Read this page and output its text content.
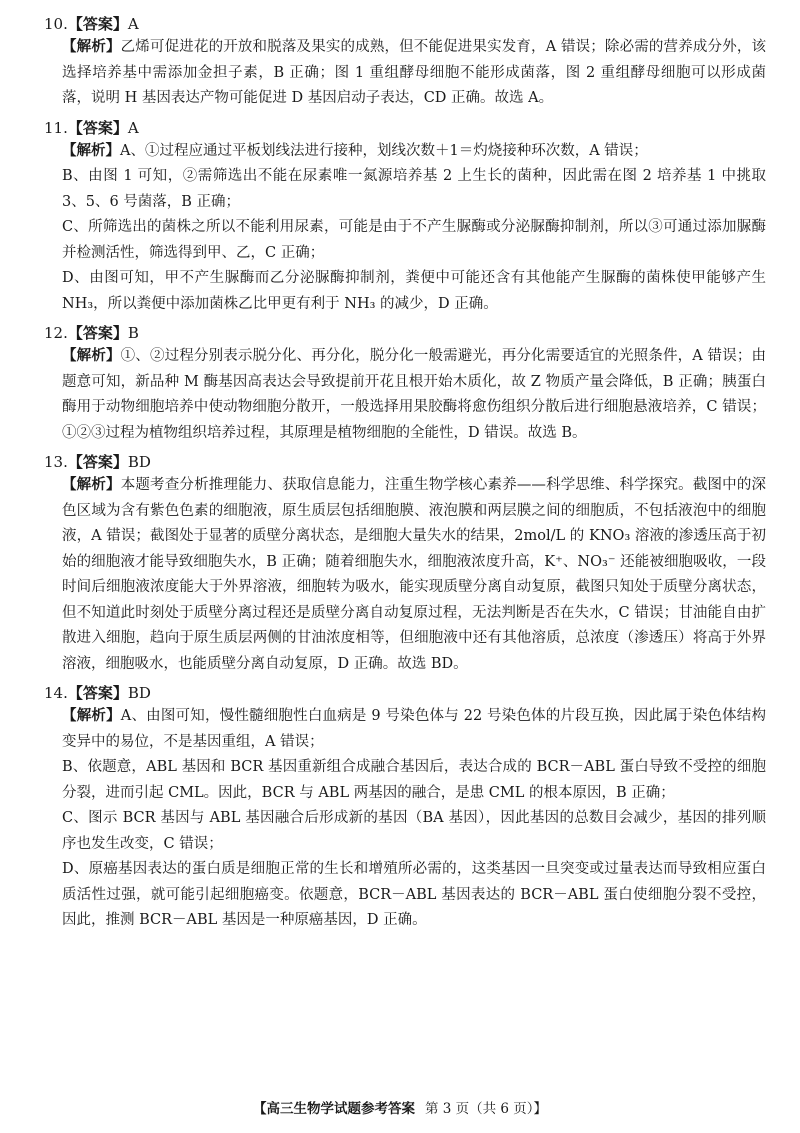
10.【答案】A

【解析】乙烯可促进花的开放和脱落及果实的成熟，但不能促进果实发育，A 错误；除必需的营养成分外，该选择培养基中需添加金担子素，B 正确；图 1 重组酵母细胞不能形成菌落，图 2 重组酵母细胞可以形成菌落，说明 H 基因表达产物可能促进 D 基因启动子表达，CD 正确。故选 A。

11.【答案】A

【解析】A、①过程应通过平板划线法进行接种，划线次数＋1＝灼烧接种环次数，A 错误；

B、由图 1 可知，②需筛选出不能在尿素唯一氮源培养基 2 上生长的菌种，因此需在图 2 培养基 1 中挑取 3、5、6 号菌落，B 正确；

C、所筛选出的菌株之所以不能利用尿素，可能是由于不产生脲酶或分泌脲酶抑制剂，所以③可通过添加脲酶并检测活性，筛选得到甲、乙，C 正确；

D、由图可知，甲不产生脲酶而乙分泌脲酶抑制剂，粪便中可能还含有其他能产生脲酶的菌株使甲能够产生 NH₃，所以粪便中添加菌株乙比甲更有利于 NH₃ 的减少，D 正确。

12.【答案】B

【解析】①、②过程分别表示脱分化、再分化，脱分化一般需避光，再分化需要适宜的光照条件，A 错误；由题意可知，新品种 M 酶基因高表达会导致提前开花且根开始木质化，故 Z 物质产量会降低，B 正确；胰蛋白酶用于动物细胞培养中使动物细胞分散开，一般选择用果胶酶将愈伤组织分散后进行细胞悬液培养，C 错误；①②③过程为植物组织培养过程，其原理是植物细胞的全能性，D 错误。故选 B。

13.【答案】BD

【解析】本题考查分析推理能力、获取信息能力，注重生物学核心素养——科学思维、科学探究。截图中的深色区域为含有紫色色素的细胞液，原生质层包括细胞膜、液泡膜和两层膜之间的细胞质，不包括液泡中的细胞液，A 错误；截图处于显著的质壁分离状态，是细胞大量失水的结果，2mol/L 的 KNO₃ 溶液的渗透压高于初始的细胞液才能导致细胞失水，B 正确；随着细胞失水，细胞液浓度升高，K⁺、NO₃⁻ 还能被细胞吸收，一段时间后细胞液浓度能大于外界溶液，细胞转为吸水，能实现质壁分离自动复原，截图只知处于质壁分离状态，但不知道此时刻处于质壁分离过程还是质壁分离自动复原过程，无法判断是否在失水，C 错误；甘油能自由扩散进入细胞，趋向于原生质层两侧的甘油浓度相等，但细胞液中还有其他溶质，总浓度（渗透压）将高于外界溶液，细胞吸水，也能质壁分离自动复原，D 正确。故选 BD。

14.【答案】BD

【解析】A、由图可知，慢性髓细胞性白血病是 9 号染色体与 22 号染色体的片段互换，因此属于染色体结构变异中的易位，不是基因重组，A 错误；

B、依题意，ABL 基因和 BCR 基因重新组合成融合基因后，表达合成的 BCR－ABL 蛋白导致不受控的细胞分裂，进而引起 CML。因此，BCR 与 ABL 两基因的融合，是患 CML 的根本原因，B 正确；

C、图示 BCR 基因与 ABL 基因融合后形成新的基因（BA 基因），因此基因的总数目会减少，基因的排列顺序也发生改变，C 错误；

D、原癌基因表达的蛋白质是细胞正常的生长和增殖所必需的，这类基因一旦突变或过量表达而导致相应蛋白质活性过强，就可能引起细胞癌变。依题意，BCR－ABL 基因表达的 BCR－ABL 蛋白使细胞分裂不受控，因此，推测 BCR－ABL 基因是一种原癌基因，D 正确。

【高三生物学试题参考答案 第 3 页（共 6 页）】
